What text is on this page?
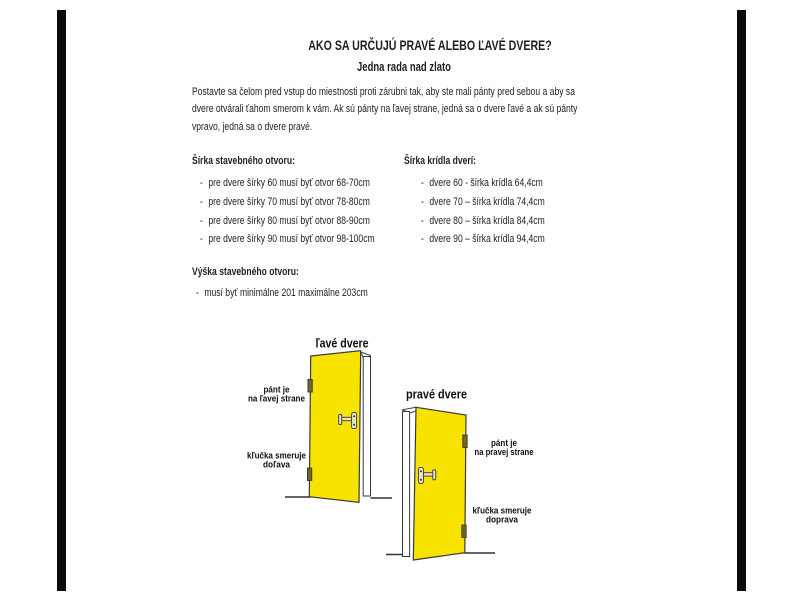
AKO SA URČUJÚ PRAVÉ ALEBO ĽAVÉ DVERE?
Jedna rada nad zlato
Postavte sa čelom pred vstup do miestnosti proti zárubni tak, aby ste mali pánty pred sebou a aby sa
dvere otvárali ťahom smerom k vám. Ak sú pánty na ľavej strane, jedná sa o dvere ľavé a ak sú pánty
vpravo, jedná sa o dvere pravé.
Šírka stavebného otvoru:
- pre dvere šírky 60 musí byť otvor 68-70cm
- pre dvere šírky 70 musí byť otvor 78-80cm
- pre dvere šírky 80 musí byť otvor 88-90cm
- pre dvere šírky 90 musí byť otvor 98-100cm
Šírka krídla dverí:
- dvere 60 - šírka krídla 64,4cm
- dvere 70 – šírka krídla 74,4cm
- dvere 80 – šírka krídla 84,4cm
- dvere 90 – šírka krídla 94,4cm
Výška stavebného otvoru:
- musí byť minimálne 201 maximálne 203cm
ľavé dvere
pánt je
na ľavej strane
kľučka smeruje
doľava
pravé dvere
pánt je
na pravej strane
kľučka smeruje
doprava
